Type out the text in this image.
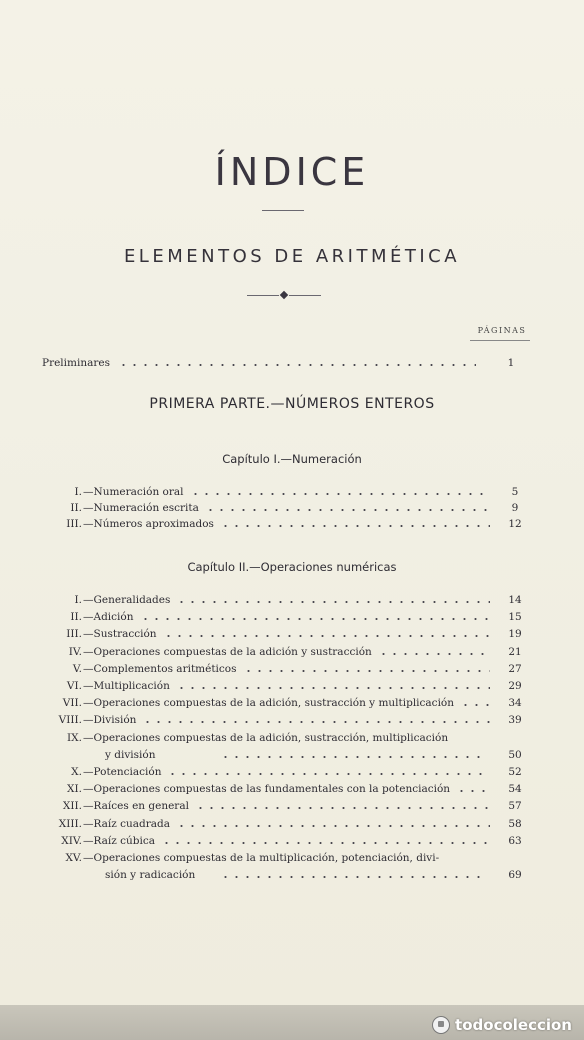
ÍNDICE
ELEMENTOS DE ARITMÉTICA
PÁGINAS
Preliminares	1
PRIMERA PARTE.—NÚMEROS ENTEROS
Capítulo I.—Numeración
I. —Numeración oral	5
II. —Numeración escrita	9
III. —Números aproximados	12
Capítulo II.—Operaciones numéricas
I. —Generalidades	14
II. —Adición	15
III. —Sustracción	19
IV. —Operaciones compuestas de la adición y sustracción	21
V. —Complementos aritméticos	27
VI. —Multiplicación	29
VII. —Operaciones compuestas de la adición, sustracción y multiplicación	34
VIII. —División	39
IX. —Operaciones compuestas de la adición, sustracción, multiplicación
y división	50
X. —Potenciación	52
XI. —Operaciones compuestas de las fundamentales con la potenciación	54
XII. —Raíces en general	57
XIII. —Raíz cuadrada	58
XIV. —Raíz cúbica	63
XV. —Operaciones compuestas de la multiplicación, potenciación, divi-
sión y radicación	69
todocoleccion
